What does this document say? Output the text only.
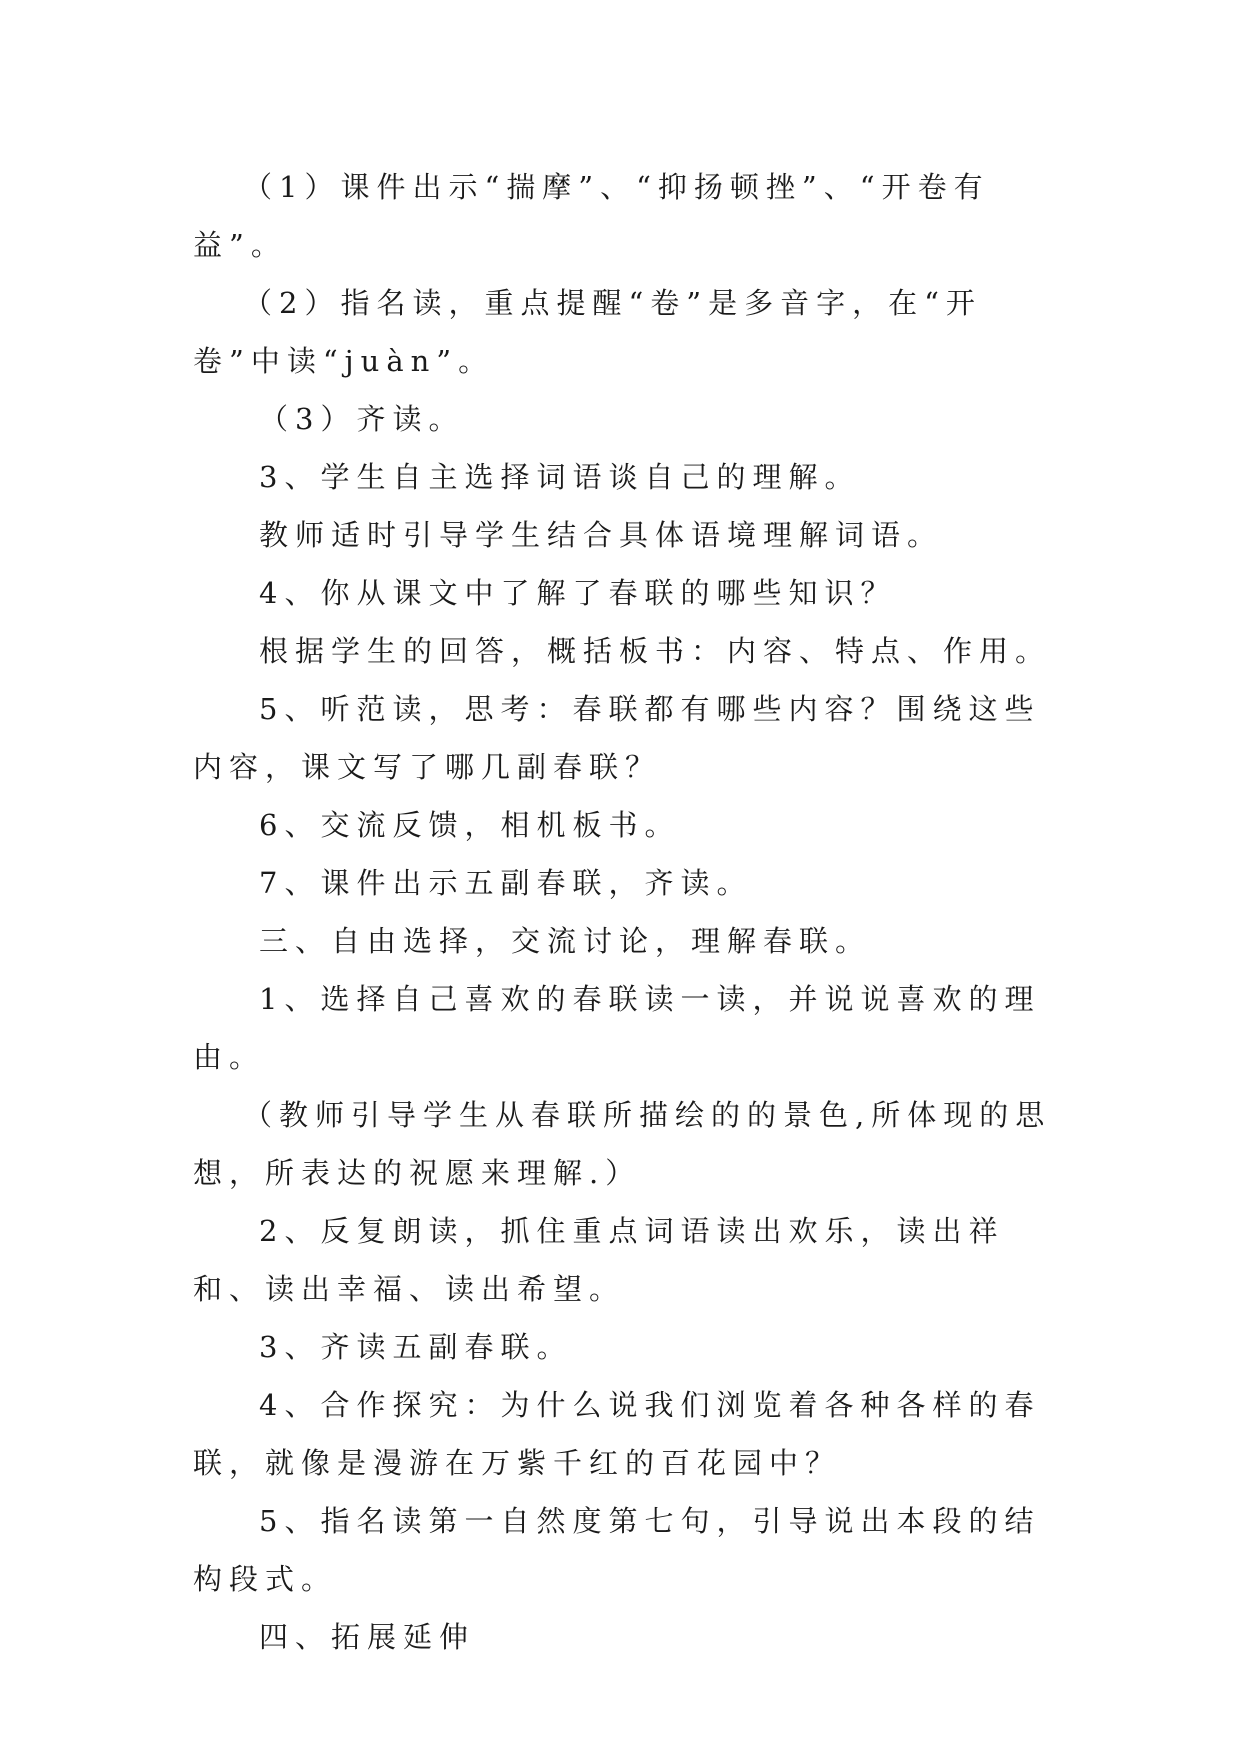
（1）课件出示“揣摩”、“抑扬顿挫”、“开卷有益”。

（2）指名读，重点提醒“卷”是多音字，在“开卷”中读“juàn”。

（3）齐读。

3、学生自主选择词语谈自己的理解。

教师适时引导学生结合具体语境理解词语。

4、你从课文中了解了春联的哪些知识？

根据学生的回答，概括板书：内容、特点、作用。

5、听范读，思考：春联都有哪些内容？围绕这些内容，课文写了哪几副春联？

6、交流反馈，相机板书。

7、课件出示五副春联，齐读。

三、自由选择，交流讨论，理解春联。

1、选择自己喜欢的春联读一读，并说说喜欢的理由。

（教师引导学生从春联所描绘的的景色,所体现的思想，所表达的祝愿来理解.）

2、反复朗读，抓住重点词语读出欢乐，读出祥和、读出幸福、读出希望。

3、齐读五副春联。

4、合作探究：为什么说我们浏览着各种各样的春联，就像是漫游在万紫千红的百花园中？

5、指名读第一自然度第七句，引导说出本段的结构段式。

四、拓展延伸
